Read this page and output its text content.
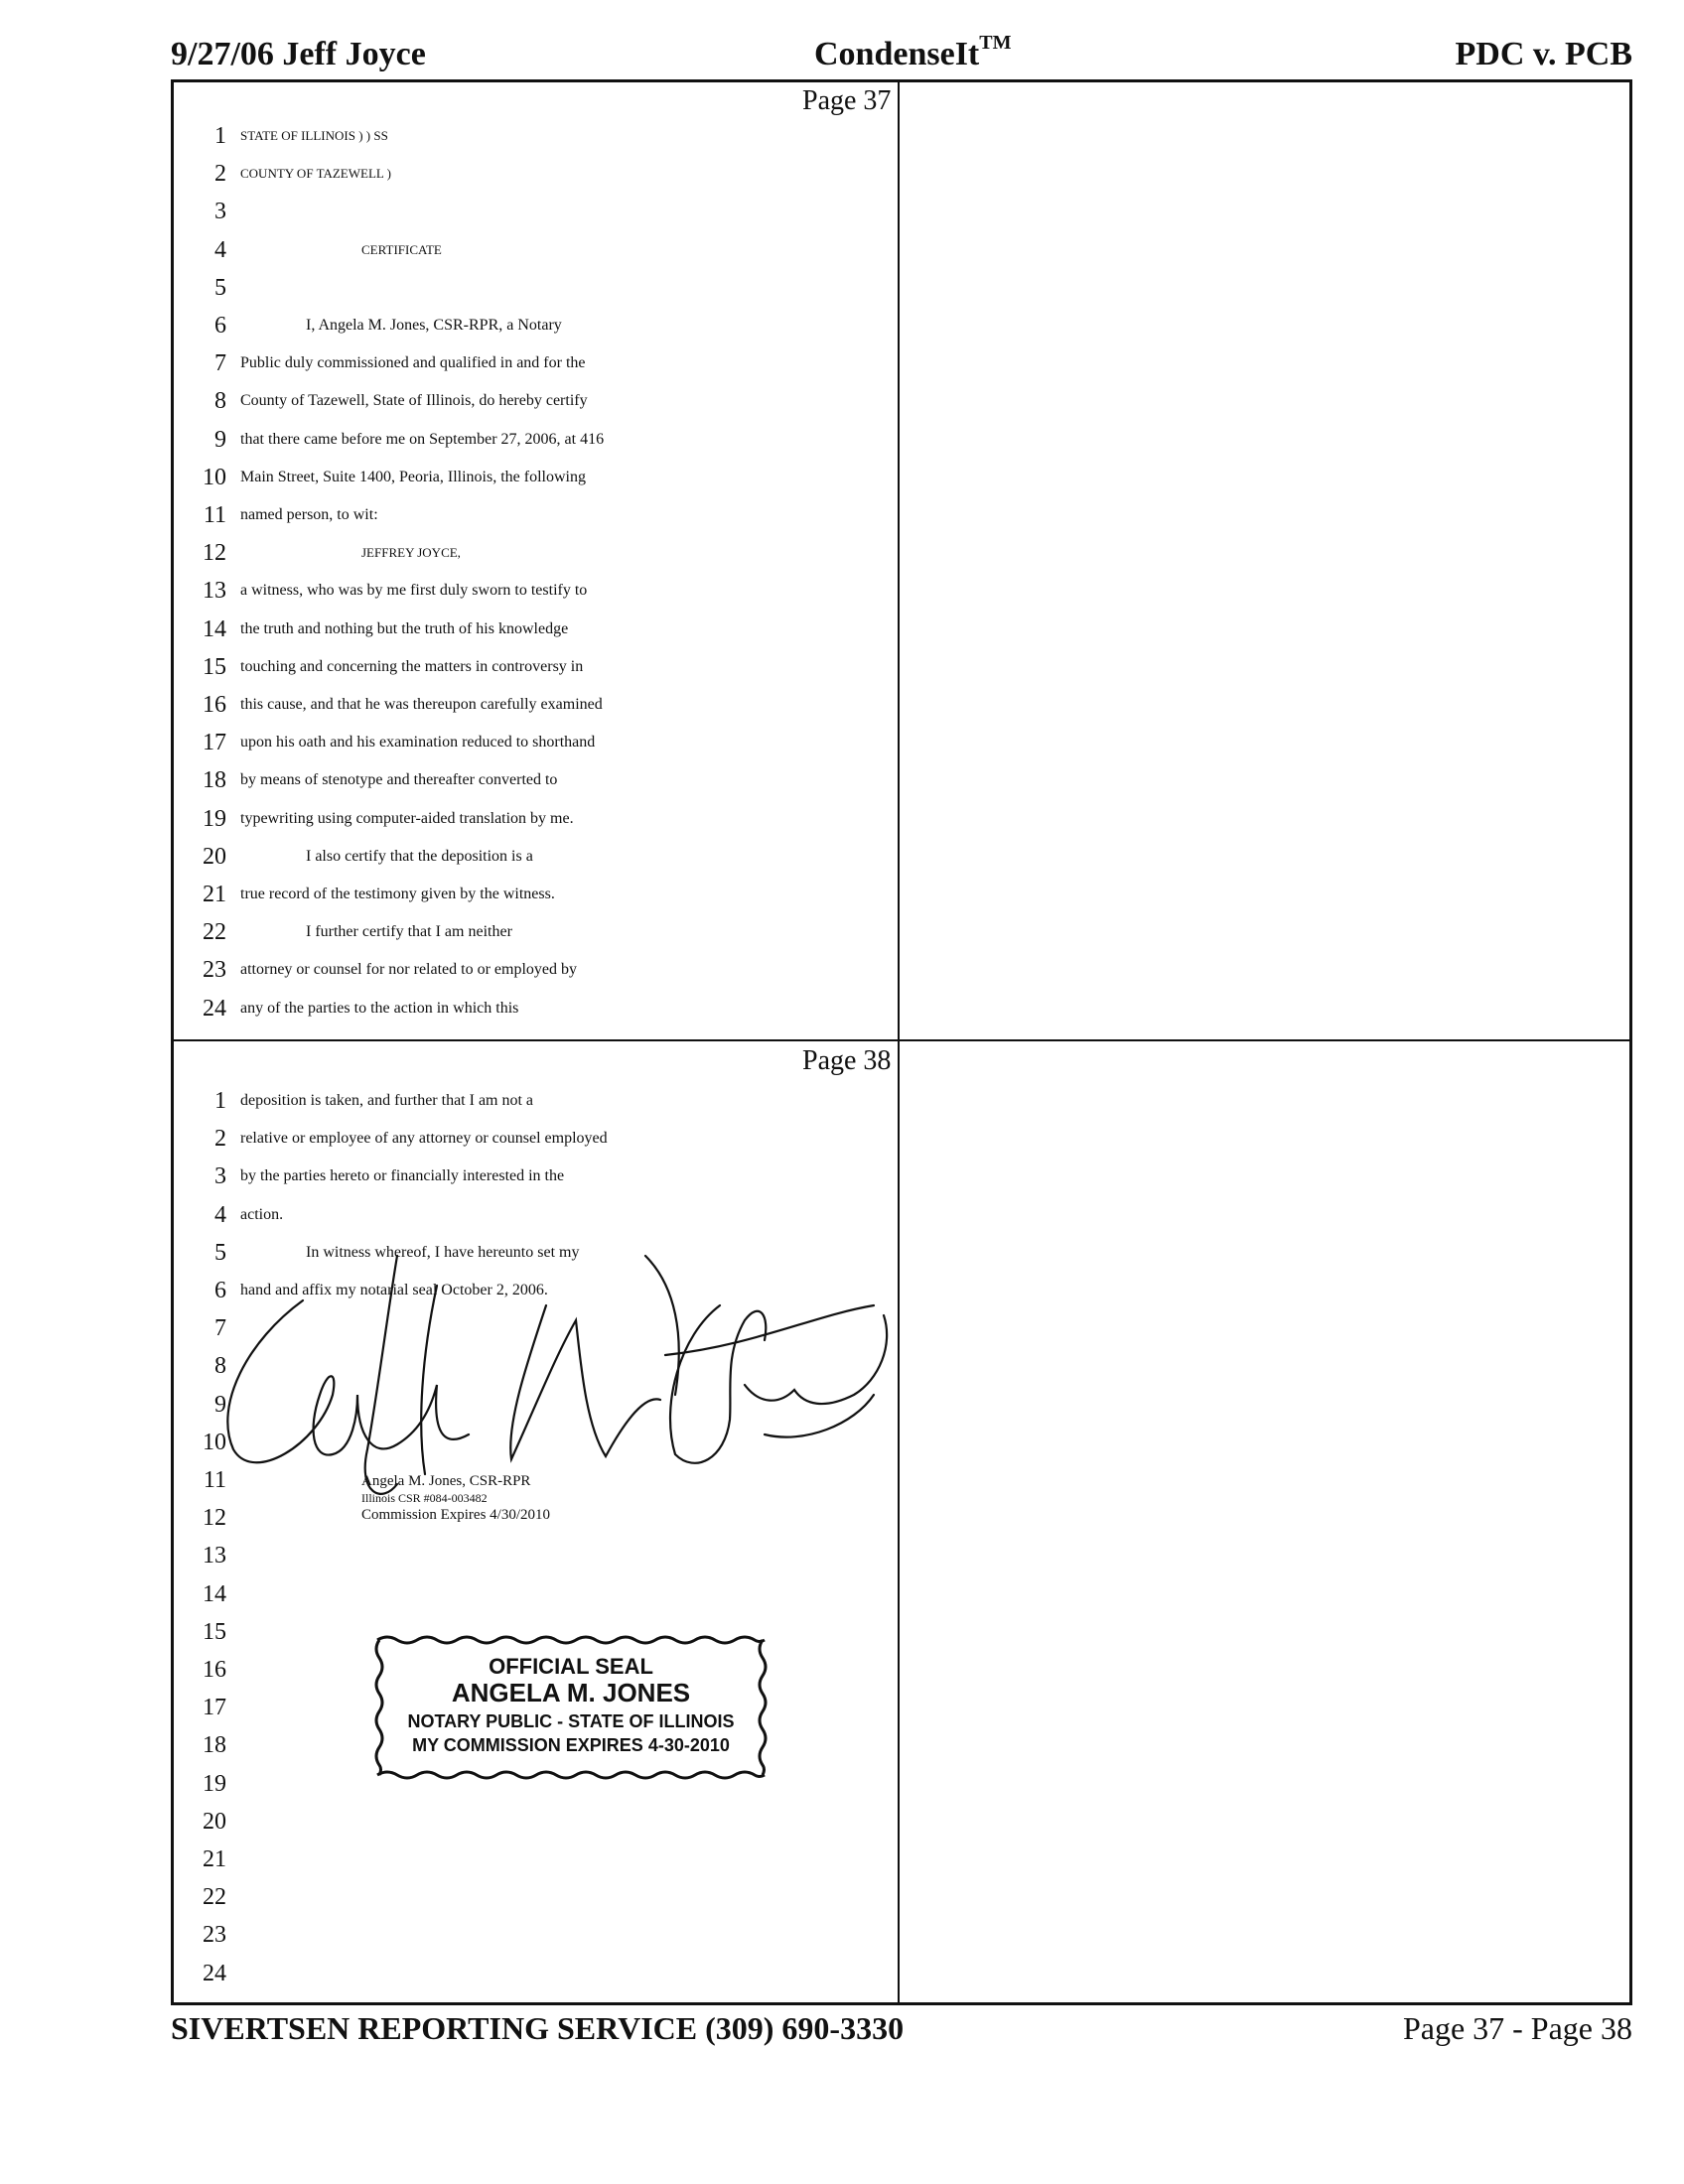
9/27/06 Jeff Joyce	CondenseIt™	PDC v. PCB
Page 37
1 STATE OF ILLINOIS ) ) SS
2 COUNTY OF TAZEWELL )
3
4	CERTIFICATE
5
6	I, Angela M. Jones, CSR-RPR, a Notary
7 Public duly commissioned and qualified in and for the
8 County of Tazewell, State of Illinois, do hereby certify
9 that there came before me on September 27, 2006, at 416
10 Main Street, Suite 1400, Peoria, Illinois, the following
11 named person, to wit:
12	JEFFREY JOYCE,
13 a witness, who was by me first duly sworn to testify to
14 the truth and nothing but the truth of his knowledge
15 touching and concerning the matters in controversy in
16 this cause, and that he was thereupon carefully examined
17 upon his oath and his examination reduced to shorthand
18 by means of stenotype and thereafter converted to
19 typewriting using computer-aided translation by me.
20	I also certify that the deposition is a
21 true record of the testimony given by the witness.
22	I further certify that I am neither
23 attorney or counsel for nor related to or employed by
24 any of the parties to the action in which this
Page 38
1 deposition is taken, and further that I am not a
2 relative or employee of any attorney or counsel employed
3 by the parties hereto or financially interested in the
4 action.
5	In witness whereof, I have hereunto set my
6 hand and affix my notarial seal October 2, 2006.
7
8
9
10
11
12
13
14
15
16
17
18
19
20
21
22
23
24
Angela M. Jones, CSR-RPR
Illinois CSR #084-003482
Commission Expires 4/30/2010
OFFICIAL SEAL
ANGELA M. JONES
NOTARY PUBLIC - STATE OF ILLINOIS
MY COMMISSION EXPIRES 4-30-2010
SIVERTSEN REPORTING SERVICE (309) 690-3330	Page 37 - Page 38
